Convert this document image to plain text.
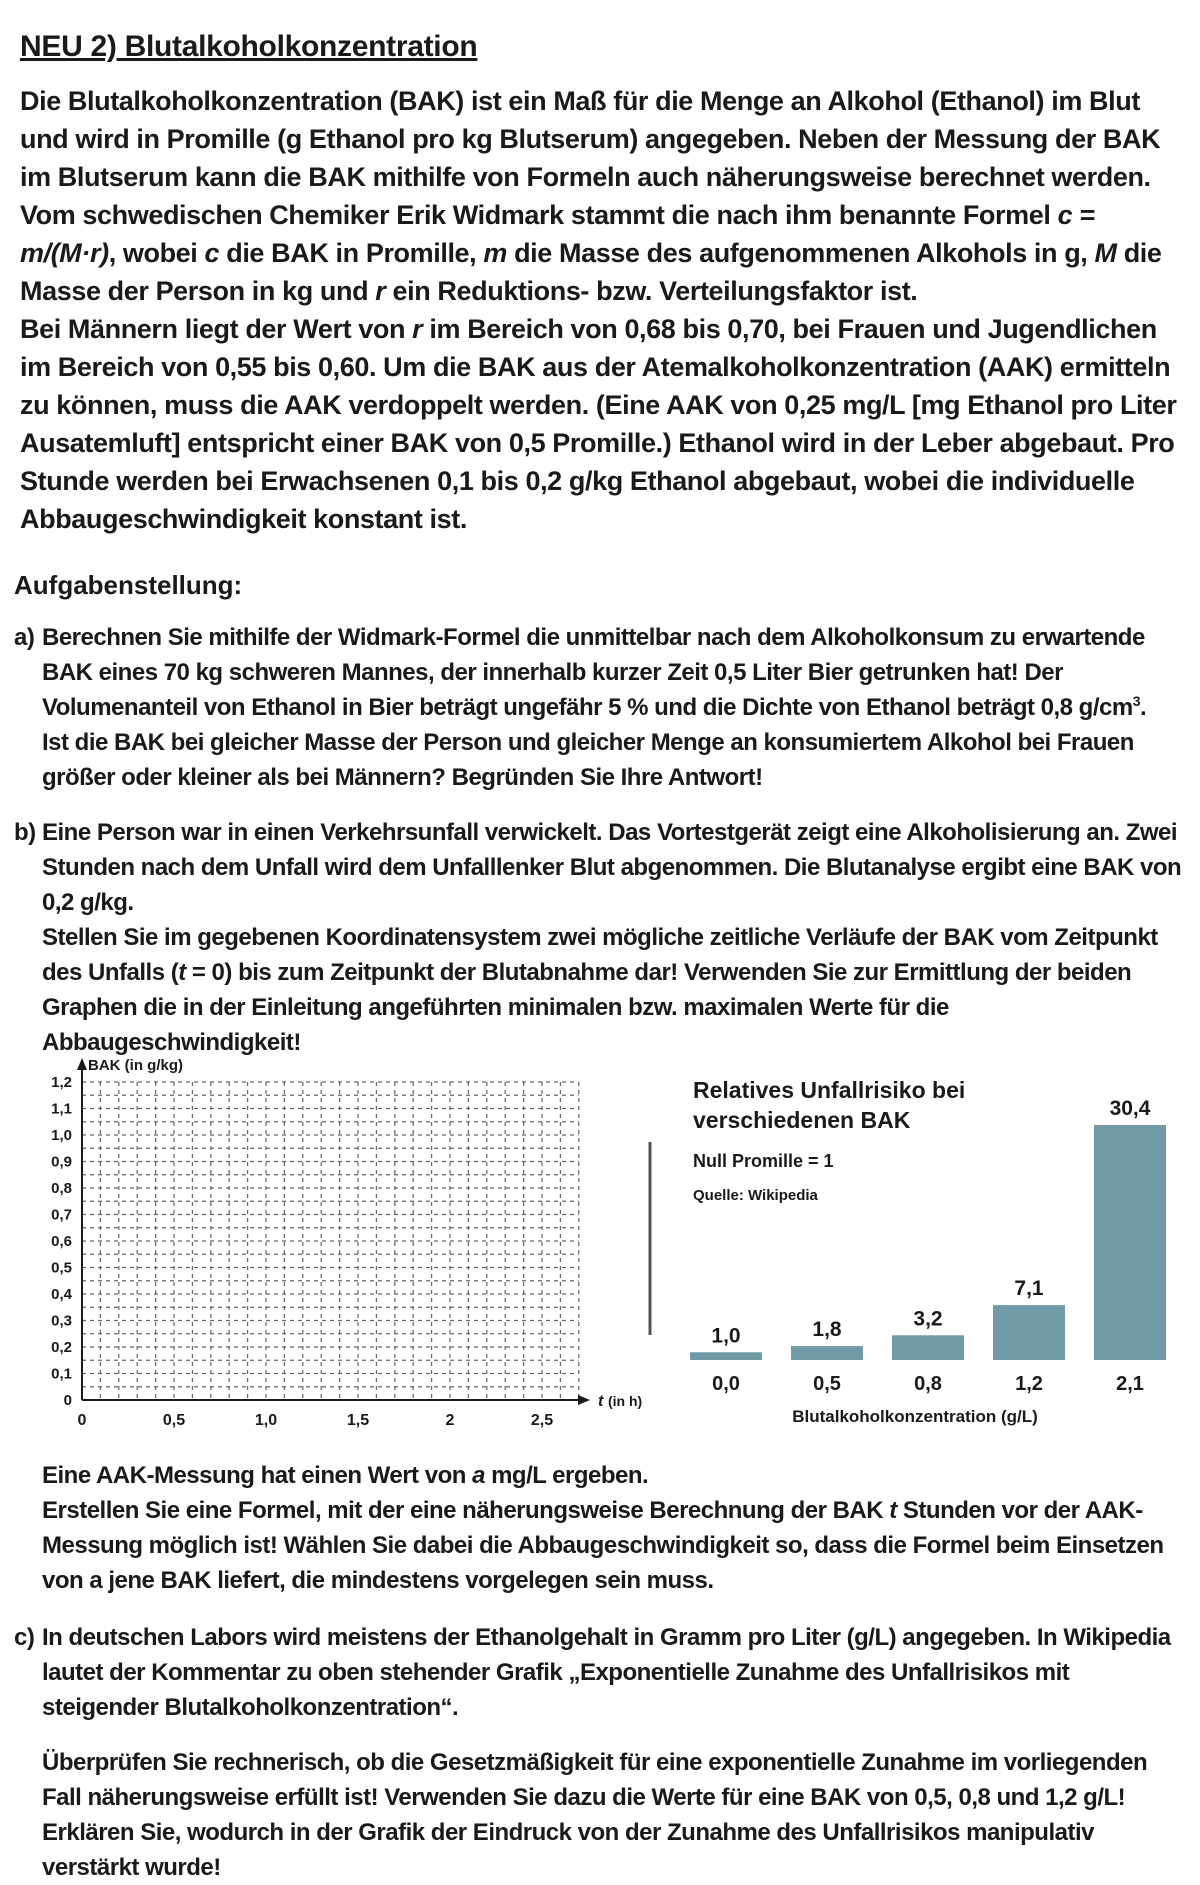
NEU 2) Blutalkoholkonzentration

Die Blutalkoholkonzentration (BAK) ist ein Maß für die Menge an Alkohol (Ethanol) im Blut und wird in Promille (g Ethanol pro kg Blutserum) angegeben. Neben der Messung der BAK im Blutserum kann die BAK mithilfe von Formeln auch näherungsweise berechnet werden.

Vom schwedischen Chemiker Erik Widmark stammt die nach ihm benannte Formel c = m/(M·r), wobei c die BAK in Promille, m die Masse des aufgenommenen Alkohols in g, M die Masse der Person in kg und r ein Reduktions- bzw. Verteilungsfaktor ist.

Bei Männern liegt der Wert von r im Bereich von 0,68 bis 0,70, bei Frauen und Jugendlichen im Bereich von 0,55 bis 0,60. Um die BAK aus der Atemalkoholkonzentration (AAK) ermitteln zu können, muss die AAK verdoppelt werden. (Eine AAK von 0,25 mg/L [mg Ethanol pro Liter Ausatemluft] entspricht einer BAK von 0,5 Promille.) Ethanol wird in der Leber abgebaut. Pro Stunde werden bei Erwachsenen 0,1 bis 0,2 g/kg Ethanol abgebaut, wobei die individuelle Abbaugeschwindigkeit konstant ist.

Aufgabenstellung:
a) Berechnen Sie mithilfe der Widmark-Formel die unmittelbar nach dem Alkoholkonsum zu erwartende BAK eines 70 kg schweren Mannes, der innerhalb kurzer Zeit 0,5 Liter Bier getrunken hat! Der Volumenanteil von Ethanol in Bier beträgt ungefähr 5 % und die Dichte von Ethanol beträgt 0,8 $g/cm^3$.

Ist die BAK bei gleicher Masse der Person und gleicher Menge an konsumiertem Alkohol bei Frauen größer oder kleiner als bei Männern? Begründen Sie Ihre Antwort!

b) Eine Person war in einen Verkehrsunfall verwickelt. Das Vortestgerät zeigt eine Alkoholisierung an. Zwei Stunden nach dem Unfall wird dem Unfalllenker Blut abgenommen. Die Blutanalyse ergibt eine BAK von 0,2 g/kg.

Stellen Sie im gegebenen Koordinatensystem zwei mögliche zeitliche Verläufe der BAK vom Zeitpunkt des Unfalls (t = 0) bis zum Zeitpunkt der Blutabnahme dar! Verwenden Sie zur Ermittlung der beiden Graphen die in der Einleitung angeführten minimalen bzw. maximalen Werte für die Abbaugeschwindigkeit!

BAK (in g/kg)
0
0,1
0,2
0,3
0,4
0,5
0,6
0,7
0,8
0,9
1,0
1,1
1,2
0	0,5	1,0	1,5	2	2,5
t (in h)
Relatives Unfallrisiko bei
verschiedenen BAK
Null Promille = 1
Quelle: Wikipedia
1,0
0,0
1,8
0,5
3,2
0,8
7,1
1,2
30,4
2,1
Blutalkoholkonzentration (g/L)

Eine AAK-Messung hat einen Wert von a mg/L ergeben.

Erstellen Sie eine Formel, mit der eine näherungsweise Berechnung der BAK t Stunden vor der AAK-Messung möglich ist! Wählen Sie dabei die Abbaugeschwindigkeit so, dass die Formel beim Einsetzen von a jene BAK liefert, die mindestens vorgelegen sein muss.

c) In deutschen Labors wird meistens der Ethanolgehalt in Gramm pro Liter (g/L) angegeben. In Wikipedia lautet der Kommentar zu oben stehender Grafik „Exponentielle Zunahme des Unfallrisikos mit steigender Blutalkoholkonzentration“.

Überprüfen Sie rechnerisch, ob die Gesetzmäßigkeit für eine exponentielle Zunahme im vorliegenden Fall näherungsweise erfüllt ist! Verwenden Sie dazu die Werte für eine BAK von 0,5, 0,8 und 1,2 g/L! Erklären Sie, wodurch in der Grafik der Eindruck von der Zunahme des Unfallrisikos manipulativ verstärkt wurde!
